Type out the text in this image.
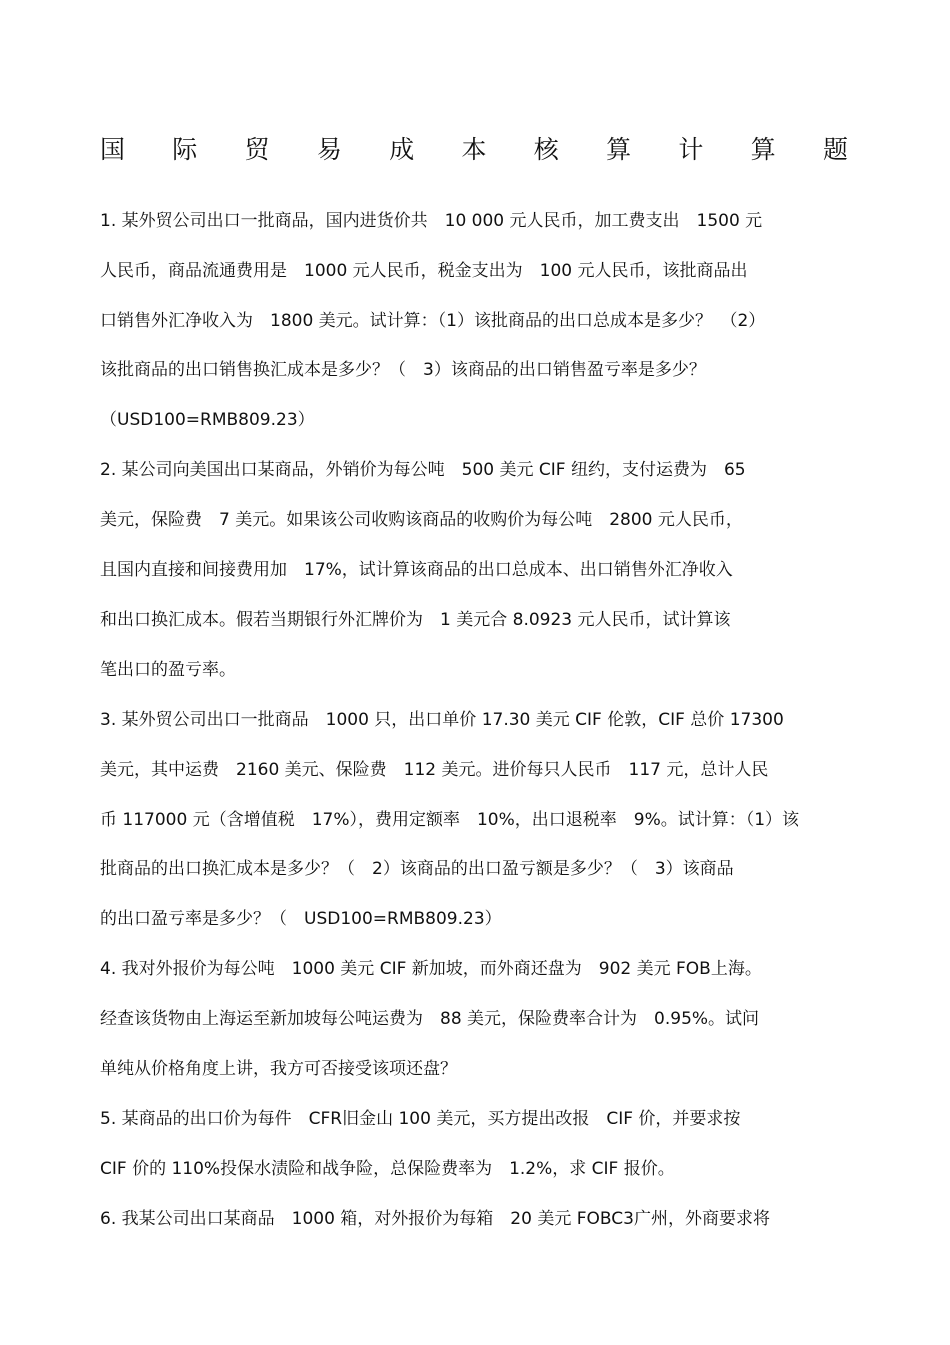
国 际 贸 易 成 本 核 算 计 算 题
1. 某外贸公司出口一批商品，国内进货价共　10 000 元人民币，加工费支出　1500 元
人民币，商品流通费用是　1000 元人民币，税金支出为　100 元人民币，该批商品出
口销售外汇净收入为　1800 美元。试计算：（1）该批商品的出口总成本是多少？　（2）
该批商品的出口销售换汇成本是多少？（　3）该商品的出口销售盈亏率是多少？
（USD100=RMB809.23）
2. 某公司向美国出口某商品，外销价为每公吨　500 美元 CIF 纽约，支付运费为　65
美元，保险费　7 美元。如果该公司收购该商品的收购价为每公吨　2800 元人民币，
且国内直接和间接费用加　17%，试计算该商品的出口总成本、出口销售外汇净收入
和出口换汇成本。假若当期银行外汇牌价为　1 美元合 8.0923 元人民币，试计算该
笔出口的盈亏率。
3. 某外贸公司出口一批商品　1000 只，出口单价 17.30 美元 CIF 伦敦，CIF 总价 17300
美元，其中运费　2160 美元、保险费　112 美元。进价每只人民币　117 元，总计人民
币 117000 元（含增值税　17%），费用定额率　10%，出口退税率　9%。试计算：（1）该
批商品的出口换汇成本是多少？（　2）该商品的出口盈亏额是多少？（　3）该商品
的出口盈亏率是多少？（　USD100=RMB809.23）
4. 我对外报价为每公吨　1000 美元 CIF 新加坡，而外商还盘为　902 美元 FOB上海。
经查该货物由上海运至新加坡每公吨运费为　88 美元，保险费率合计为　0.95%。试问
单纯从价格角度上讲，我方可否接受该项还盘？
5. 某商品的出口价为每件　CFR旧金山 100 美元，买方提出改报　CIF 价，并要求按
CIF 价的 110%投保水渍险和战争险，总保险费率为　1.2%，求 CIF 报价。
6. 我某公司出口某商品　1000 箱，对外报价为每箱　20 美元 FOBC3广州，外商要求将
